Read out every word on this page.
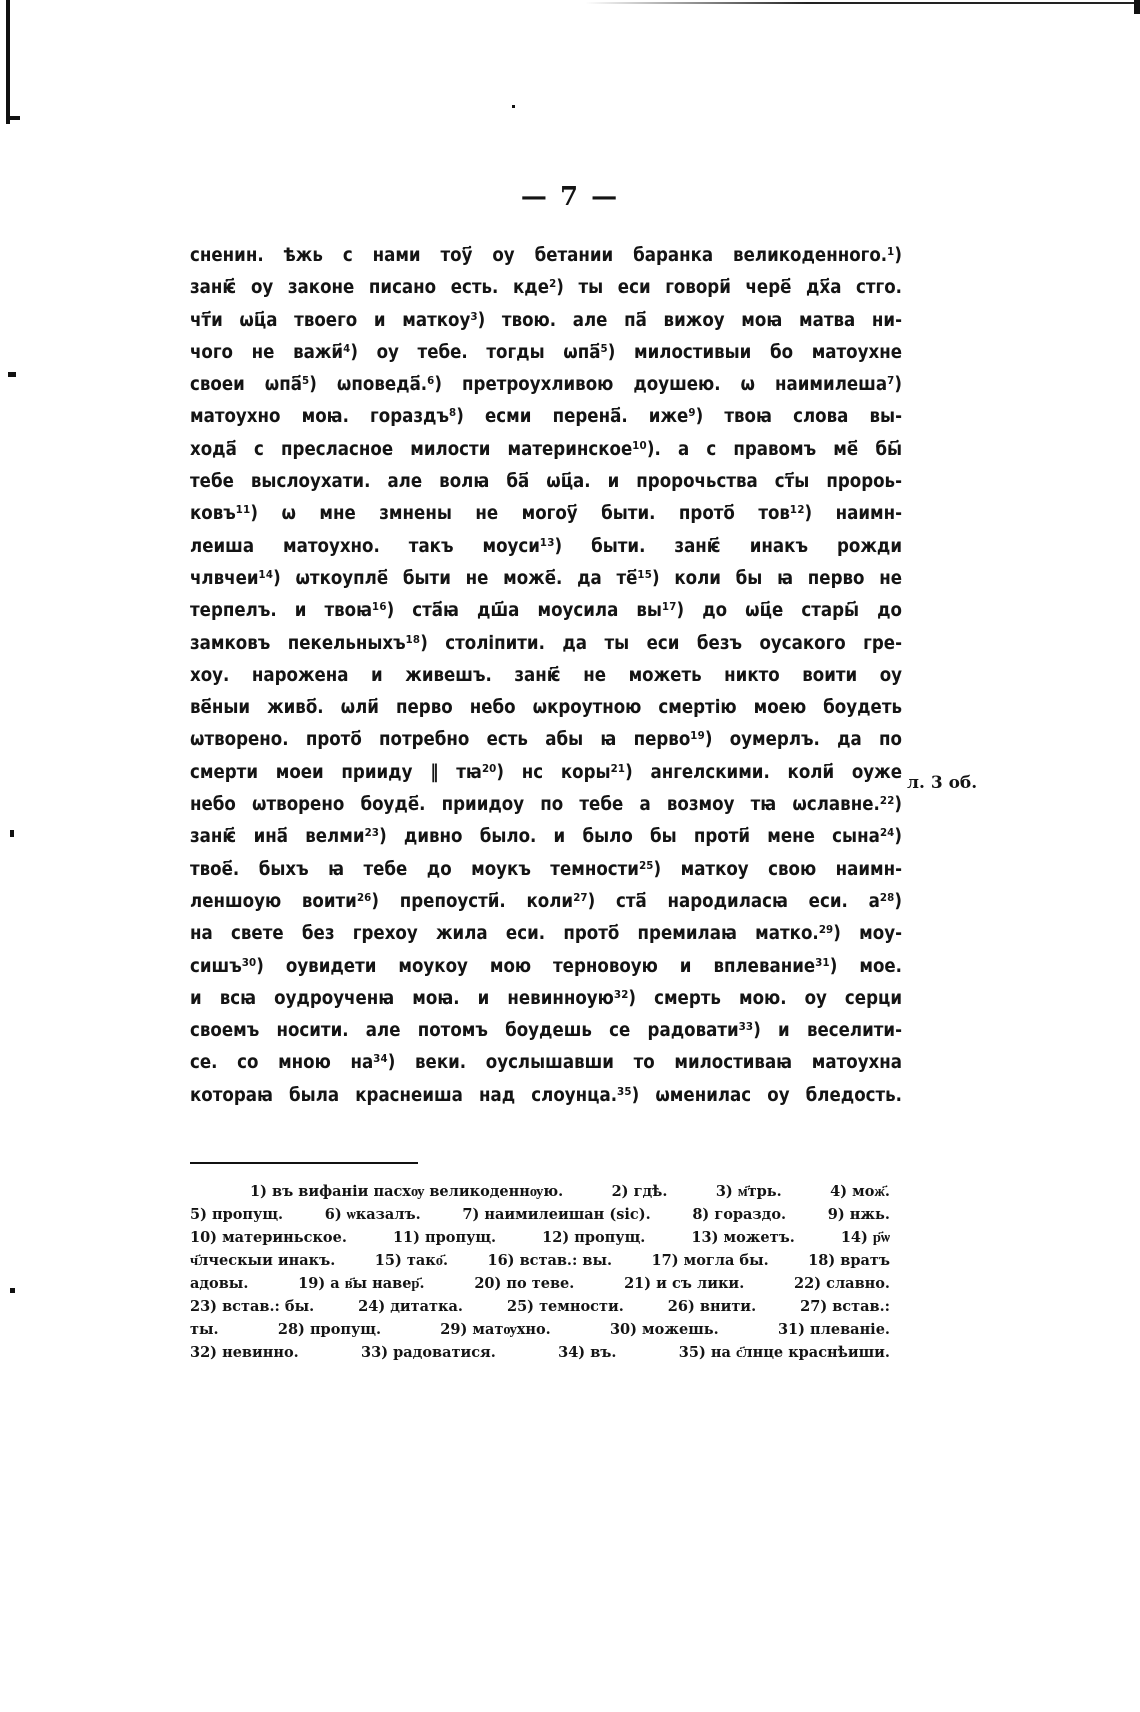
— 7 —
сненин. ѣжь с нами тоу҃ оу бетании баранка великоденного.¹)
занѥ҃ оу законе писано есть. кде²) ты еси говори҃ чере҃ дх҃а стго.
чт҃и ѡц҃а твоего и маткоу³) твою. але па҃ вижоу моꙗ матва ни-
чого не важи҃⁴) оу тебе. тогды ѡпа҃⁵) милостивыи бо матоухне
своеи ѡпа҃⁵) ѡповеда҃.⁶) претроухливою доушею. ѡ наимилеша⁷)
матоухно моꙗ. гораздъ⁸) есми перена҃. иже⁹) твоꙗ слова вы-
хода҃ с пресласное милости материнское¹⁰). а с правомъ ме҃ бы҃
тебе выслоухати. але волꙗ ба҃ ѡц҃а. и пророчьства ст҃ы пророь-
ковъ¹¹) ѡ мне змнены не могоу҃ быти. прото҃ тов¹²) наимн-
леиша матоухно. такъ моуси¹³) быти. занѥ҃ инакъ рожди
члвчеи¹⁴) ѡткоупле҃ быти не може҃. да те҃¹⁵) коли бы ꙗ перво не
терпелъ. и твоꙗ¹⁶) ста҃ꙗ дш҃а моусила вы¹⁷) до ѡц҃е стары҃ до
замковъ пекельныхъ¹⁸) століпити. да ты еси безъ оусакого гре-
хоу. нарожена и живешъ. занѥ҃ не можеть никто воити оу
ве҃ныи живо҃. ѡли҃ перво небо ѡкроутною смертію моею боудеть
ѡтворено. прото҃ потребно есть абы ꙗ перво¹⁹) оумерлъ. да по
смерти моеи прииду ‖ тꙗ²⁰) нс коры²¹) ангелскими. коли҃ оуже
небо ѡтворено боуде҃. приидоу по тебе а возмоу тꙗ ѡславне.²²)
занѥ҃ ина҃ велми²³) дивно было. и было бы проти҃ мене сына²⁴)
твое҃. быхъ ꙗ тебе до моукъ темности²⁵) маткоу свою наимн-
леншоую воити²⁶) препоусти҃. коли²⁷) ста҃ народиласꙗ еси. а²⁸)
на свете без грехоу жила еси. прото҃ премилаꙗ матко.²⁹) моу-
сишъ³⁰) оувидети моукоу мою терновоую и вплевание³¹) мое.
и всꙗ оудроученꙗ моꙗ. и невинноую³²) смерть мою. оу серци
своемъ носити. але потомъ боудешь се радовати³³) и веселити-
се. со мною на³⁴) веки. оуслышавши то милостиваꙗ матоухна
котораꙗ была краснеиша над слоунца.³⁵) ѡменилас оу бледость.
л. 3 об.
1) въ вифаніи пасхѹ великоденнѹю.	2) гдѣ.	3) м҃трь.	4) мож҃.
5) пропущ.	6) ѡказалъ.	7) наимилеишан (sic).	8) гораздо.	9) нжь.
10) материньское.	11) пропущ.	12) пропущ.	13) можетъ.	14) р҃ѡ
ч҃лческыи инакъ.	15) тако҃.	16) встав.: вы.	17) могла бы.	18) вратъ
адовы.	19) а в҃ы навер҃.	20) по теве.	21) и съ лики.	22) славно.
23) встав.: бы.	24) дитатка.	25) темности.	26) внити.	27) встав.:
ты.	28) пропущ.	29) матѹхно.	30) можешь.	31) плеваніе.
32) невинно.	33) радоватися.	34) въ.	35) на с҃лнце краснѣиши.
